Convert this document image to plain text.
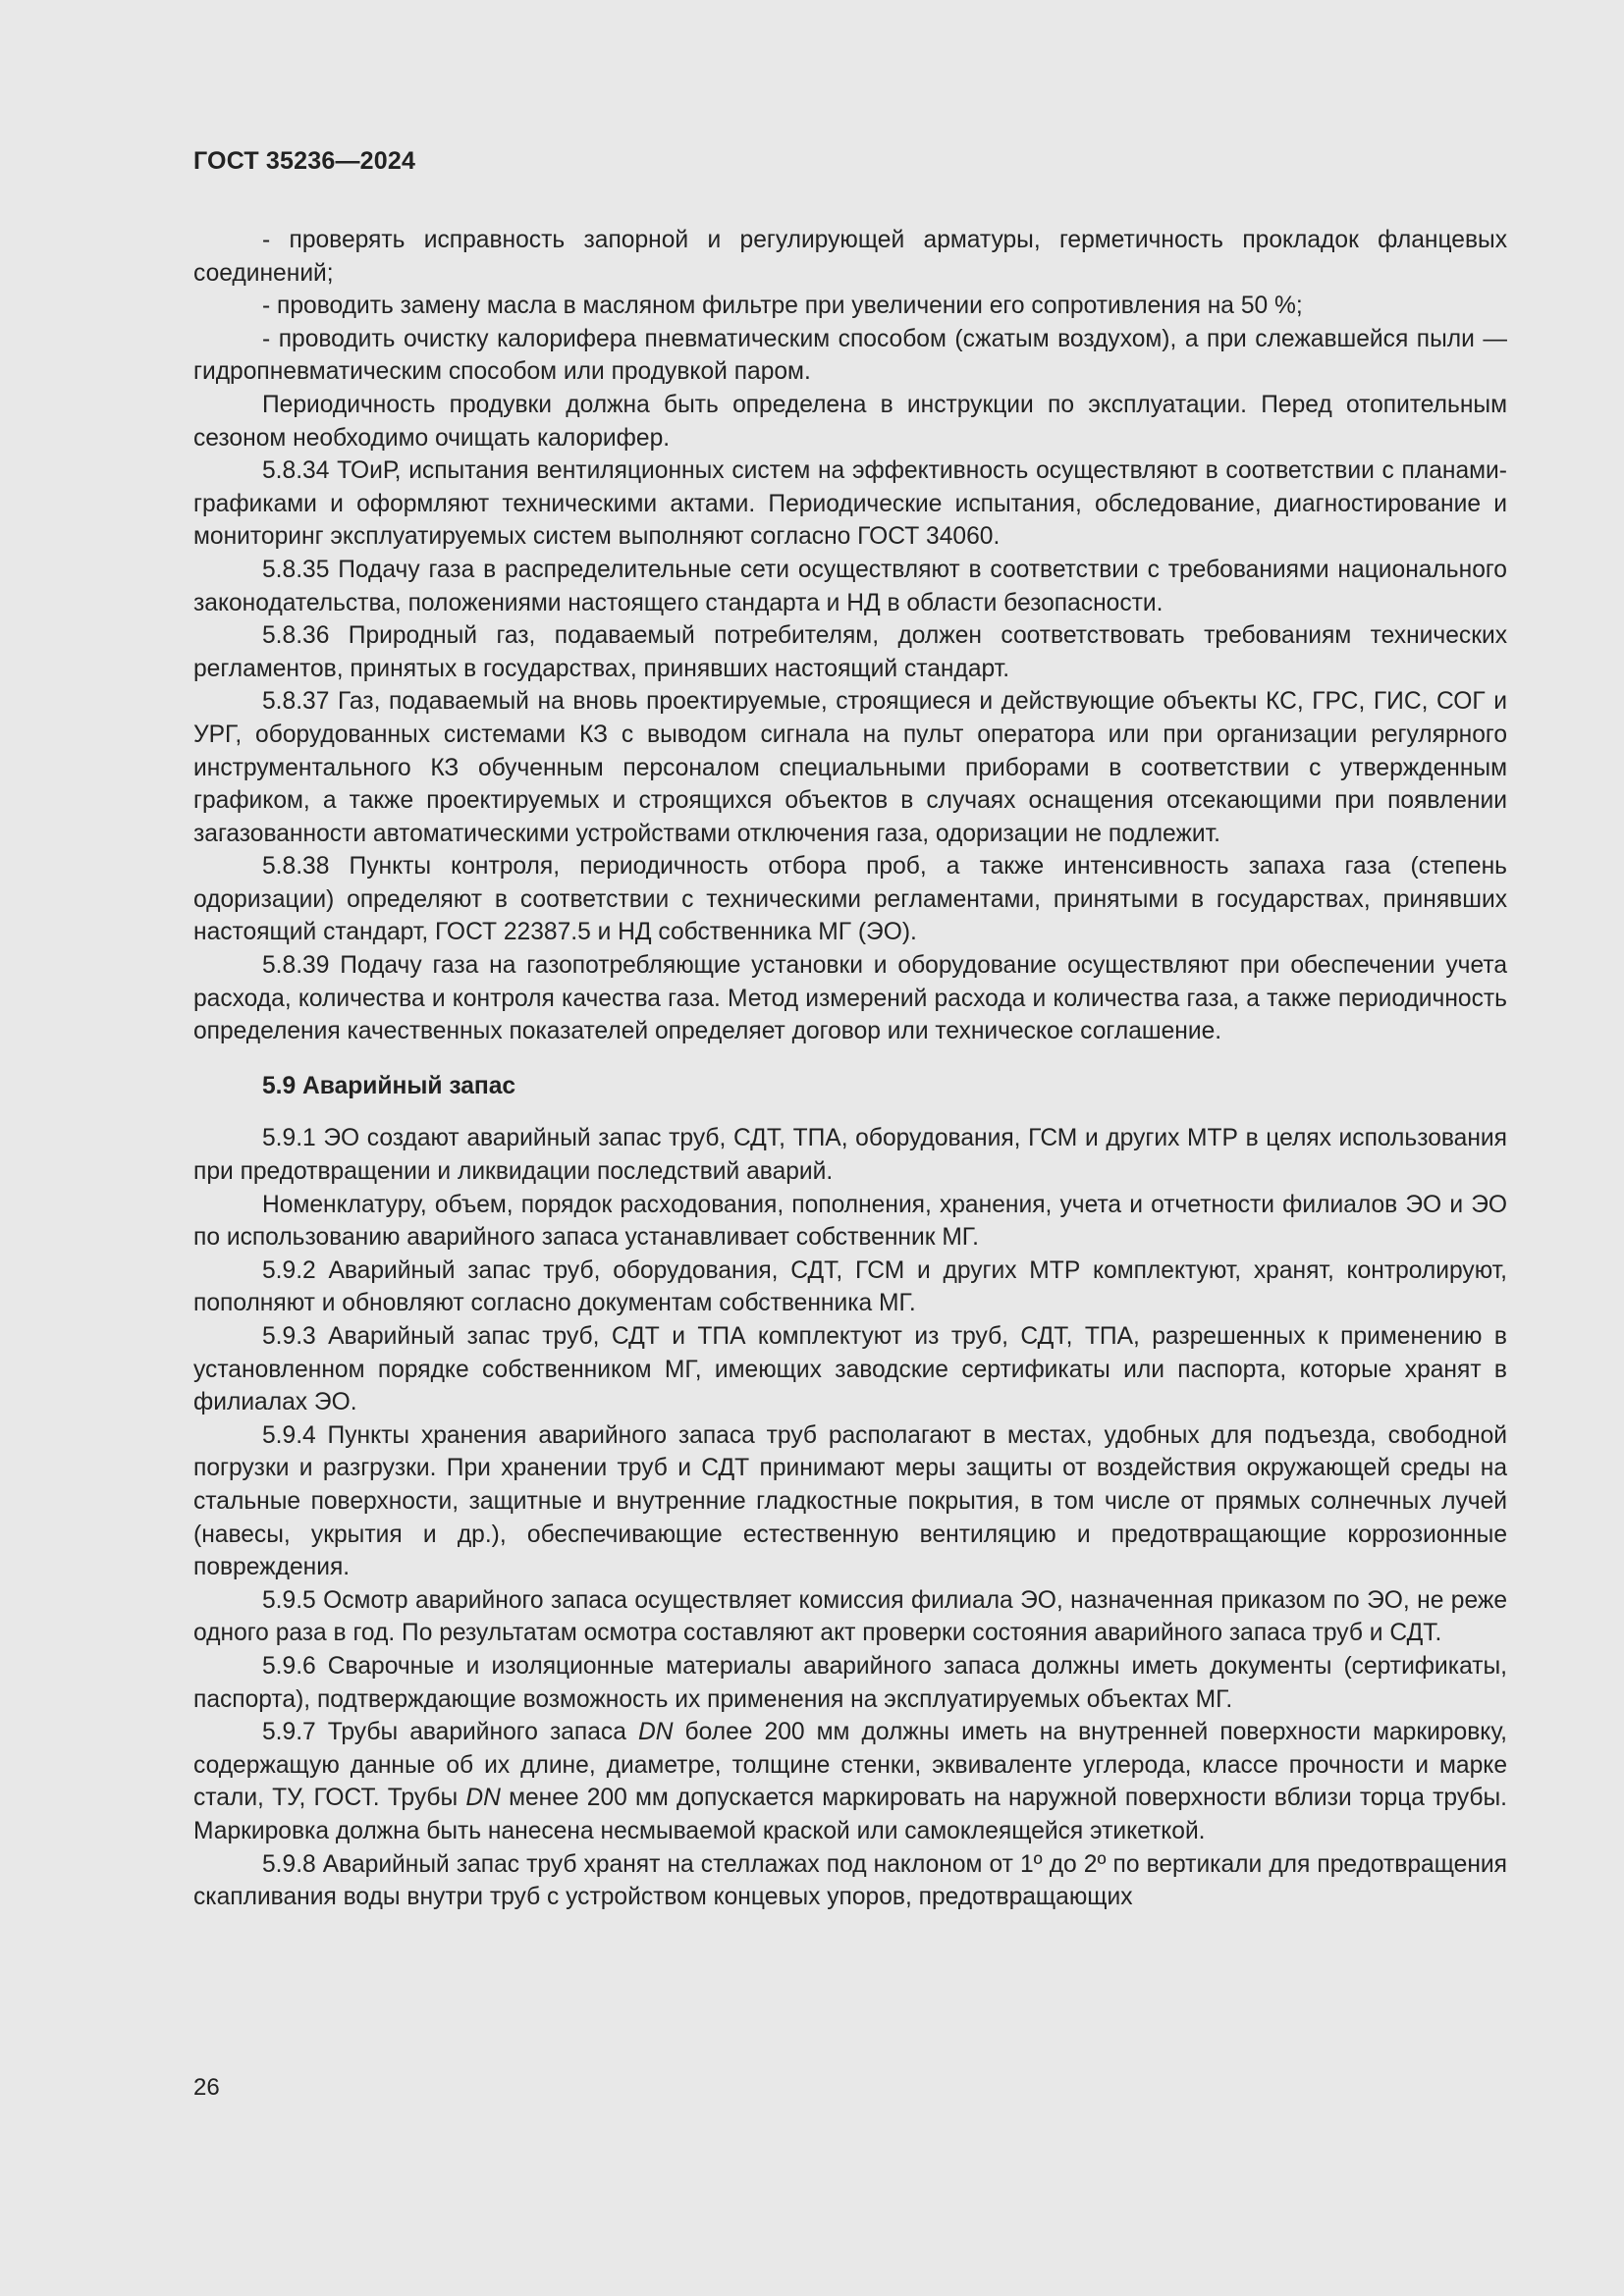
ГОСТ 35236—2024

- проверять исправность запорной и регулирующей арматуры, герметичность прокладок фланцевых соединений;

- проводить замену масла в масляном фильтре при увеличении его сопротивления на 50 %;

- проводить очистку калорифера пневматическим способом (сжатым воздухом), а при слежавшейся пыли — гидропневматическим способом или продувкой паром.

Периодичность продувки должна быть определена в инструкции по эксплуатации. Перед отопительным сезоном необходимо очищать калорифер.

5.8.34 ТОиР, испытания вентиляционных систем на эффективность осуществляют в соответствии с планами-графиками и оформляют техническими актами. Периодические испытания, обследование, диагностирование и мониторинг эксплуатируемых систем выполняют согласно ГОСТ 34060.

5.8.35 Подачу газа в распределительные сети осуществляют в соответствии с требованиями национального законодательства, положениями настоящего стандарта и НД в области безопасности.

5.8.36 Природный газ, подаваемый потребителям, должен соответствовать требованиям технических регламентов, принятых в государствах, принявших настоящий стандарт.

5.8.37 Газ, подаваемый на вновь проектируемые, строящиеся и действующие объекты КС, ГРС, ГИС, СОГ и УРГ, оборудованных системами КЗ с выводом сигнала на пульт оператора или при организации регулярного инструментального КЗ обученным персоналом специальными приборами в соответствии с утвержденным графиком, а также проектируемых и строящихся объектов в случаях оснащения отсекающими при появлении загазованности автоматическими устройствами отключения газа, одоризации не подлежит.

5.8.38 Пункты контроля, периодичность отбора проб, а также интенсивность запаха газа (степень одоризации) определяют в соответствии с техническими регламентами, принятыми в государствах, принявших настоящий стандарт, ГОСТ 22387.5 и НД собственника МГ (ЭО).

5.8.39 Подачу газа на газопотребляющие установки и оборудование осуществляют при обеспечении учета расхода, количества и контроля качества газа. Метод измерений расхода и количества газа, а также периодичность определения качественных показателей определяет договор или техническое соглашение.

5.9 Аварийный запас

5.9.1 ЭО создают аварийный запас труб, СДТ, ТПА, оборудования, ГСМ и других МТР в целях использования при предотвращении и ликвидации последствий аварий.

Номенклатуру, объем, порядок расходования, пополнения, хранения, учета и отчетности филиалов ЭО и ЭО по использованию аварийного запаса устанавливает собственник МГ.

5.9.2 Аварийный запас труб, оборудования, СДТ, ГСМ и других МТР комплектуют, хранят, контролируют, пополняют и обновляют согласно документам собственника МГ.

5.9.3 Аварийный запас труб, СДТ и ТПА комплектуют из труб, СДТ, ТПА, разрешенных к применению в установленном порядке собственником МГ, имеющих заводские сертификаты или паспорта, которые хранят в филиалах ЭО.

5.9.4 Пункты хранения аварийного запаса труб располагают в местах, удобных для подъезда, свободной погрузки и разгрузки. При хранении труб и СДТ принимают меры защиты от воздействия окружающей среды на стальные поверхности, защитные и внутренние гладкостные покрытия, в том числе от прямых солнечных лучей (навесы, укрытия и др.), обеспечивающие естественную вентиляцию и предотвращающие коррозионные повреждения.

5.9.5 Осмотр аварийного запаса осуществляет комиссия филиала ЭО, назначенная приказом по ЭО, не реже одного раза в год. По результатам осмотра составляют акт проверки состояния аварийного запаса труб и СДТ.

5.9.6 Сварочные и изоляционные материалы аварийного запаса должны иметь документы (сертификаты, паспорта), подтверждающие возможность их применения на эксплуатируемых объектах МГ.

5.9.7 Трубы аварийного запаса DN более 200 мм должны иметь на внутренней поверхности маркировку, содержащую данные об их длине, диаметре, толщине стенки, эквиваленте углерода, классе прочности и марке стали, ТУ, ГОСТ. Трубы DN менее 200 мм допускается маркировать на наружной поверхности вблизи торца трубы. Маркировка должна быть нанесена несмываемой краской или самоклеящейся этикеткой.

5.9.8 Аварийный запас труб хранят на стеллажах под наклоном от 1º до 2º по вертикали для предотвращения скапливания воды внутри труб с устройством концевых упоров, предотвращающих

26
